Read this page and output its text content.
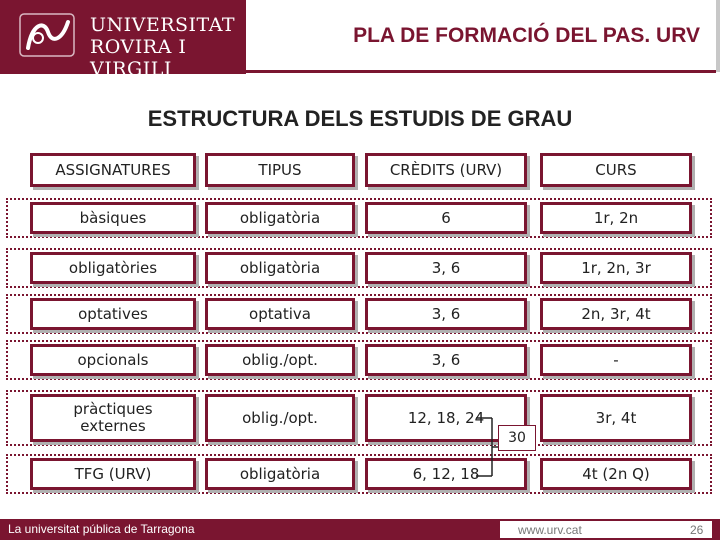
UNIVERSITAT
ROVIRA I VIRGILI
PLA DE FORMACIÓ DEL PAS. URV
ESTRUCTURA DELS ESTUDIS DE GRAU
ASSIGNATURES	TIPUS	CRÈDITS (URV)	CURS
bàsiques	obligatòria	6	1r, 2n
obligatòries	obligatòria	3, 6	1r, 2n, 3r
optatives	optativa	3, 6	2n, 3r, 4t
opcionals	oblig./opt.	3, 6	-
pràctiques externes	oblig./opt.	12, 18, 24	3r, 4t
TFG (URV)	obligatòria	6, 12, 18	4t (2n Q)
30
La universitat pública de Tarragona	www.urv.cat	26
